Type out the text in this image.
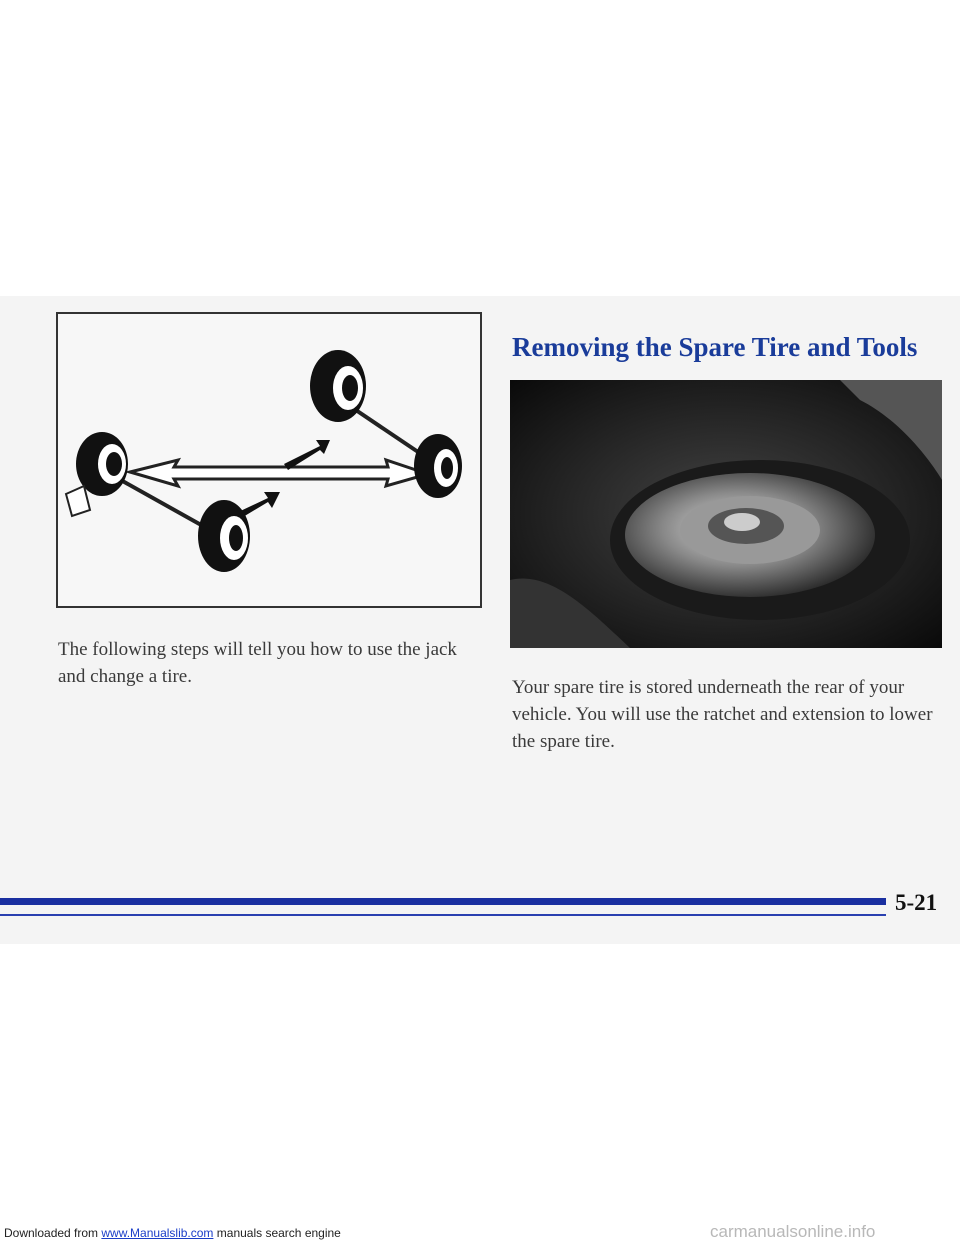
The following steps will tell you how to use the jack and change a tire.
Removing the Spare Tire and Tools
Your spare tire is stored underneath the rear of your vehicle. You will use the ratchet and extension to lower the spare tire.
5-21
Downloaded from www.Manualslib.com manuals search engine	carmanualsonline.info
